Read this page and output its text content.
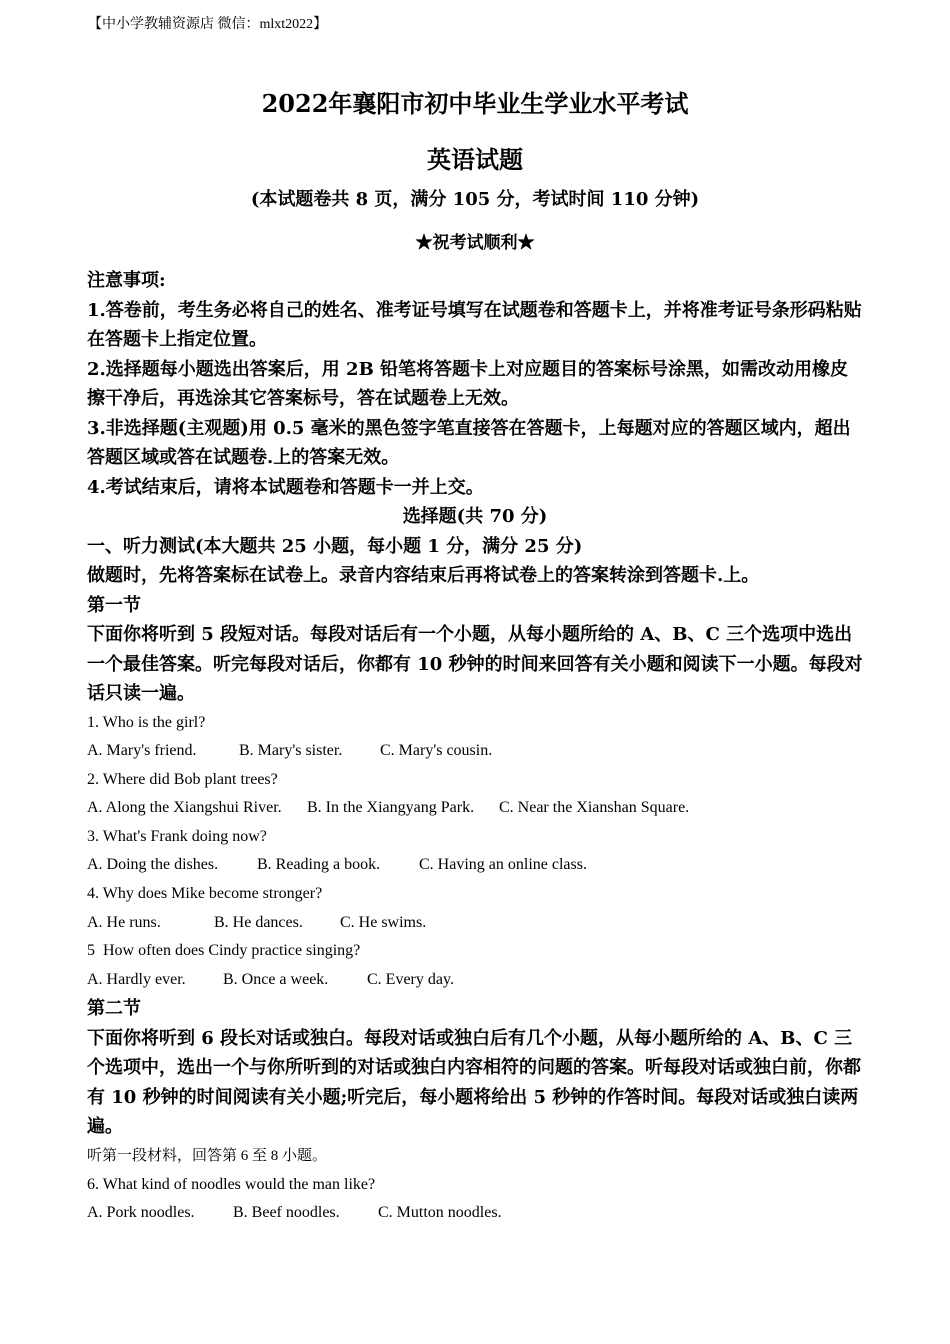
【中小学教辅资源店 微信：mlxt2022】
2022年襄阳市初中毕业生学业水平考试
英语试题
(本试题卷共 8 页，满分 105 分，考试时间 110 分钟)
★祝考试顺利★
注意事项:
1.答卷前，考生务必将自己的姓名、准考证号填写在试题卷和答题卡上，并将准考证号条形码粘贴在答题卡上指定位置。
2.选择题每小题选出答案后，用 2B 铅笔将答题卡上对应题目的答案标号涂黑，如需改动用橡皮擦干净后，再选涂其它答案标号，答在试题卷上无效。
3.非选择题(主观题)用 0.5 毫米的黑色签字笔直接答在答题卡，上每题对应的答题区域内，超出答题区域或答在试题卷.上的答案无效。
4.考试结束后，请将本试题卷和答题卡一并上交。
选择题(共 70 分)
一、听力测试(本大题共 25 小题，每小题 1 分，满分 25 分)
做题时，先将答案标在试卷上。录音内容结束后再将试卷上的答案转涂到答题卡.上。
第一节
下面你将听到 5 段短对话。每段对话后有一个小题，从每小题所给的 A、B、C 三个选项中选出一个最佳答案。听完每段对话后，你都有 10 秒钟的时间来回答有关小题和阅读下一小题。每段对话只读一遍。
1. Who is the girl?
A. Mary's friend.	B. Mary's sister. C. Mary's cousin.
2. Where did Bob plant trees?
A. Along the Xiangshui River. B. In the Xiangyang Park. C. Near the Xianshan Square.
3. What's Frank doing now?
A. Doing the dishes. B. Reading a book. C. Having an online class.
4. Why does Mike become stronger?
A. He runs.	B. He dances. C. He swims.
5  How often does Cindy practice singing?
A. Hardly ever. B. Once a week. C. Every day.
第二节
下面你将听到 6 段长对话或独白。每段对话或独白后有几个小题，从每小题所给的 A、B、C 三个选项中，选出一个与你所听到的对话或独白内容相符的问题的答案。听每段对话或独白前，你都有 10 秒钟的时间阅读有关小题;听完后，每小题将给出 5 秒钟的作答时间。每段对话或独白读两遍。
听第一段材料，回答第 6 至 8 小题。
6. What kind of noodles would the man like?
A. Pork noodles. B. Beef noodles. C. Mutton noodles.
